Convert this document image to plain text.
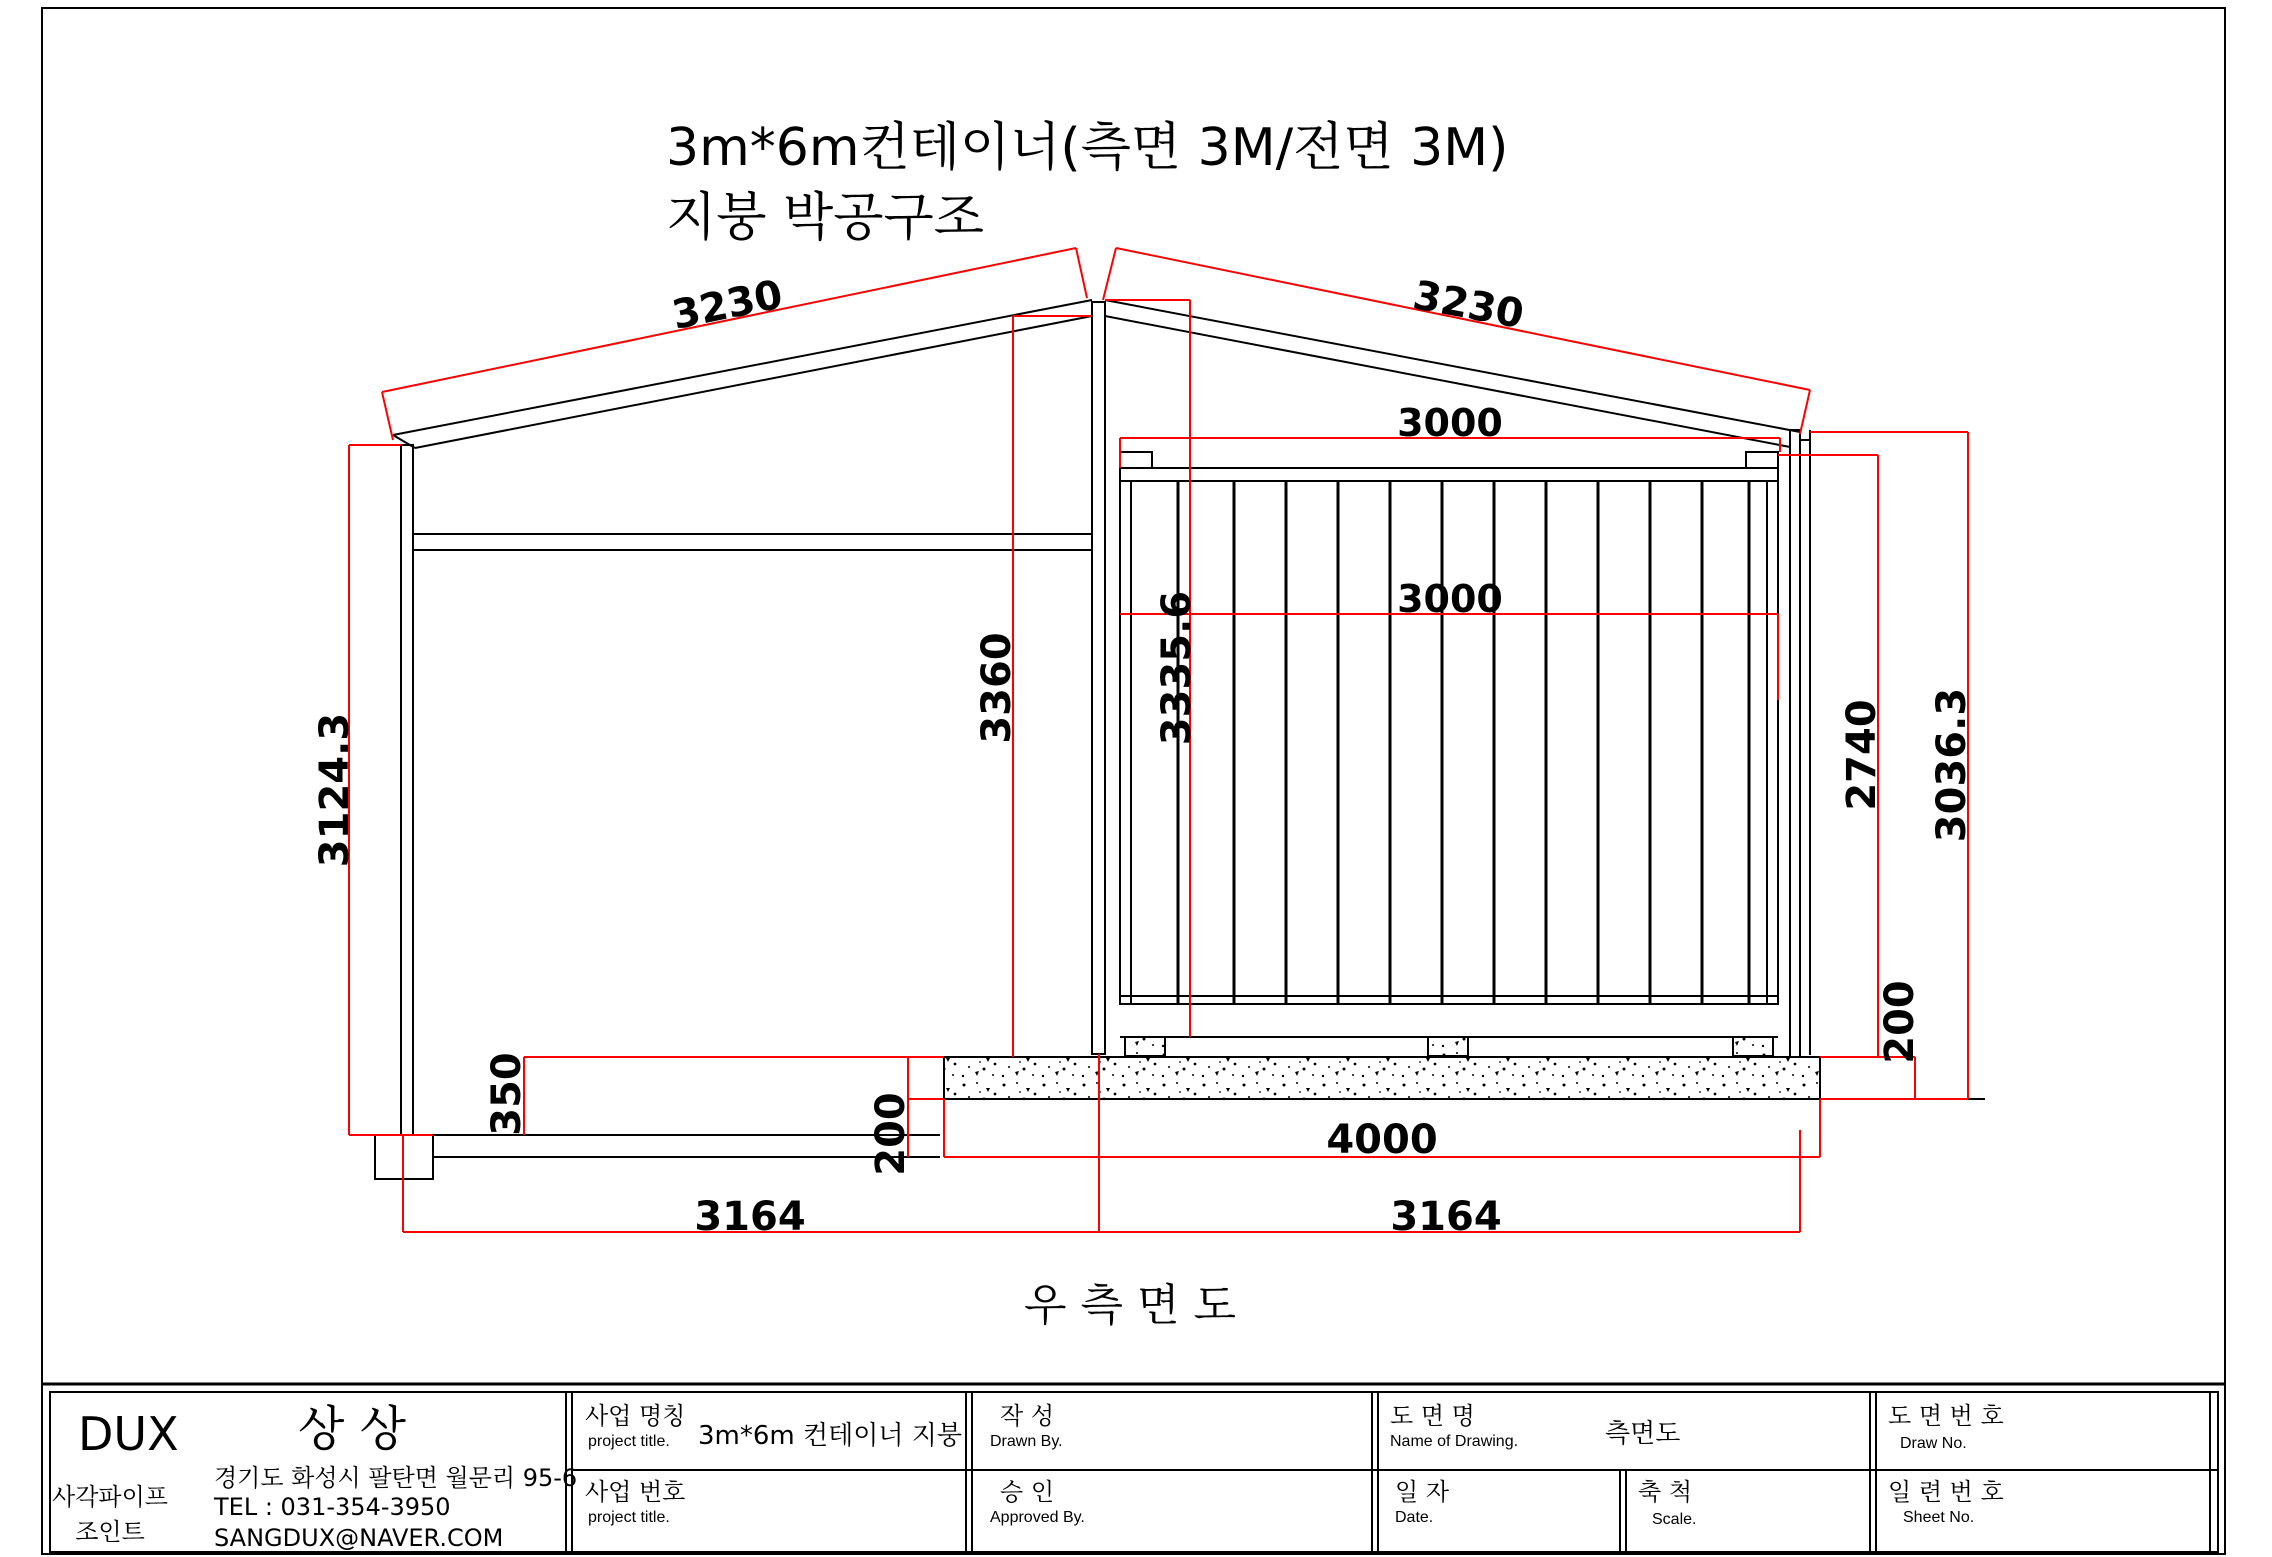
3230	3230
3000
3000
3124.3
3360	3335.6
2740 3036.3
200
350	200	4000
3164	3164
3m*6m컨테이너(측면 3M/전면 3M)
지붕 박공구조
우 측 면 도
DUX 상 상
사각파이프
조인트
경기도 화성시 팔탄면 월문리 95-6
TEL : 031-354-3950
SANGDUX@NAVER.COM
사업 명칭
project title. 3m*6m 컨테이너 지붕
사업 번호
project title.
작 성
Drawn By.
승 인
Approved By.
도 면 명
Name of Drawing.	측면도
일 자
Date.
축 척
Scale.
도 면 번 호
Draw No.
일 련 번 호
Sheet No.
